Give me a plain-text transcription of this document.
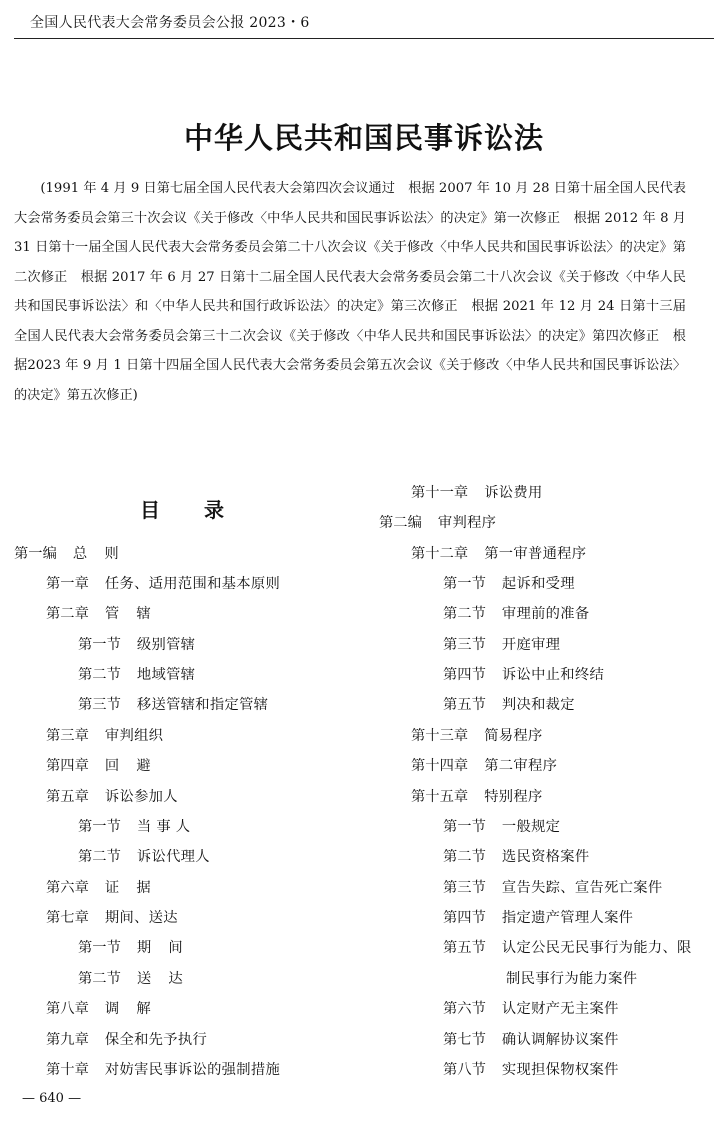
全国人民代表大会常务委员会公报 2023・6
中华人民共和国民事诉讼法

(1991 年 4 月 9 日第七届全国人民代表大会第四次会议通过　根据 2007 年 10 月 28 日第十届全国人民代表大会常务委员会第三十次会议《关于修改〈中华人民共和国民事诉讼法〉的决定》第一次修正　根据 2012 年 8 月 31 日第十一届全国人民代表大会常务委员会第二十八次会议《关于修改〈中华人民共和国民事诉讼法〉的决定》第二次修正　根据 2017 年 6 月 27 日第十二届全国人民代表大会常务委员会第二十八次会议《关于修改〈中华人民共和国民事诉讼法〉和〈中华人民共和国行政诉讼法〉的决定》第三次修正　根据 2021 年 12 月 24 日第十三届全国人民代表大会常务委员会第三十二次会议《关于修改〈中华人民共和国民事诉讼法〉的决定》第四次修正　根据2023 年 9 月 1 日第十四届全国人民代表大会常务委员会第五次会议《关于修改〈中华人民共和国民事诉讼法〉的决定》第五次修正)

目 录
第一编 总则
第一章 任务、适用范围和基本原则
第二章 管辖
第一节 级别管辖
第二节 地域管辖
第三节 移送管辖和指定管辖
第三章 审判组织
第四章 回避
第五章 诉讼参加人
第一节 当 事 人
第二节 诉讼代理人
第六章 证据
第七章 期间、送达
第一节 期间
第二节 送达
第八章 调解
第九章 保全和先予执行
第十章 对妨害民事诉讼的强制措施
第十一章 诉讼费用
第二编 审判程序
第十二章 第一审普通程序
第一节 起诉和受理
第二节 审理前的准备
第三节 开庭审理
第四节 诉讼中止和终结
第五节 判决和裁定
第十三章 简易程序
第十四章 第二审程序
第十五章 特别程序
第一节 一般规定
第二节 选民资格案件
第三节 宣告失踪、宣告死亡案件
第四节 指定遗产管理人案件
第五节 认定公民无民事行为能力、限
制民事行为能力案件
第六节 认定财产无主案件
第七节 确认调解协议案件
第八节 实现担保物权案件
— 640 —
